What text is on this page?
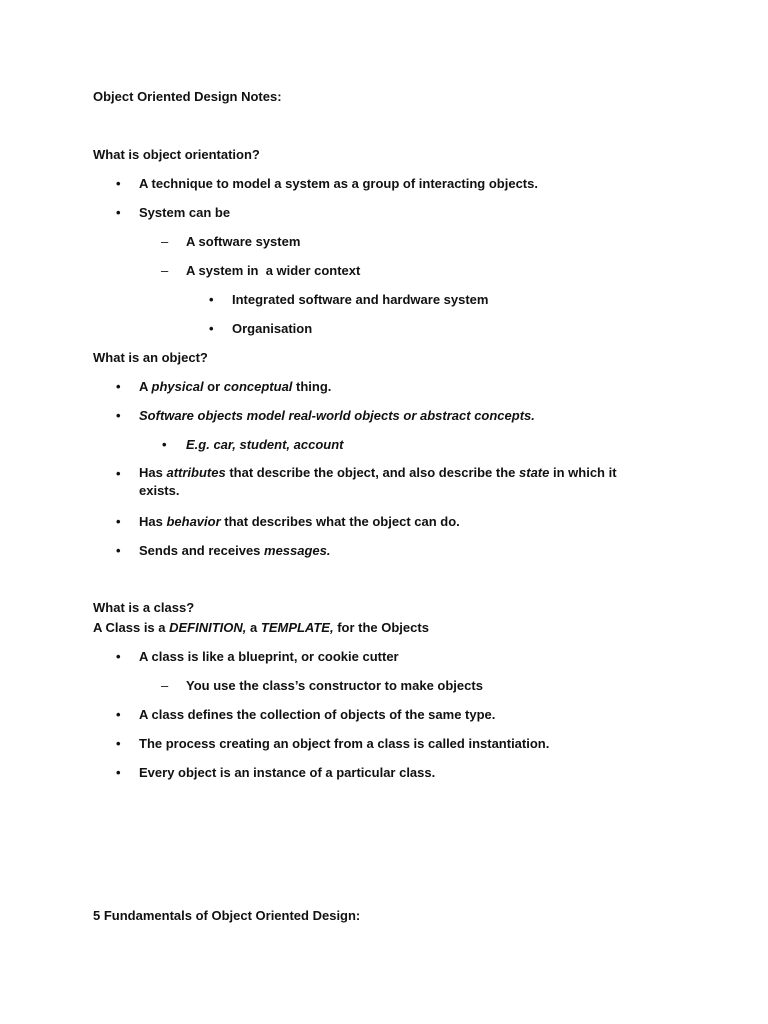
Object Oriented Design Notes:
What is object orientation?
• A technique to model a system as a group of interacting objects.
• System can be
– A software system
– A system in  a wider context
• Integrated software and hardware system
• Organisation
What is an object?
• A physical or conceptual thing.
• Software objects model real-world objects or abstract concepts.
• E.g. car, student, account
• Has attributes that describe the object, and also describe the state in which it exists.
• Has behavior that describes what the object can do.
• Sends and receives messages.
What is a class?
A Class is a DEFINITION, a TEMPLATE, for the Objects
• A class is like a blueprint, or cookie cutter
– You use the class’s constructor to make objects
• A class defines the collection of objects of the same type.
• The process creating an object from a class is called instantiation.
• Every object is an instance of a particular class.
5 Fundamentals of Object Oriented Design:
